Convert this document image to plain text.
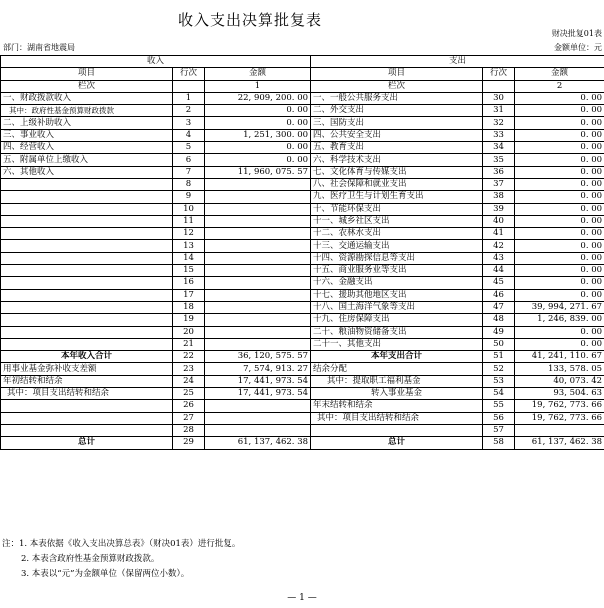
收入支出决算批复表
财决批复01表
部门：湖南省地震局	金额单位：元
收入			支出		
项目	行次	金额	项目	行次	金额
栏次		1	栏次		2
一、财政拨款收入	1	22, 909, 200. 00	一、一般公共服务支出	30	0. 00
其中：政府性基金预算财政拨款	2	0. 00	二、外交支出	31	0. 00
二、上级补助收入	3	0. 00	三、国防支出	32	0. 00
三、事业收入	4	1, 251, 300. 00	四、公共安全支出	33	0. 00
四、经营收入	5	0. 00	五、教育支出	34	0. 00
五、附属单位上缴收入	6	0. 00	六、科学技术支出	35	0. 00
六、其他收入	7	11, 960, 075. 57	七、文化体育与传媒支出	36	0. 00
	8		八、社会保障和就业支出	37	0. 00
	9		九、医疗卫生与计划生育支出	38	0. 00
	10		十、节能环保支出	39	0. 00
	11		十一、城乡社区支出	40	0. 00
	12		十二、农林水支出	41	0. 00
	13		十三、交通运输支出	42	0. 00
	14		十四、资源勘探信息等支出	43	0. 00
	15		十五、商业服务业等支出	44	0. 00
	16		十六、金融支出	45	0. 00
	17		十七、援助其他地区支出	46	0. 00
	18		十八、国土海洋气象等支出	47	39, 994, 271. 67
	19		十九、住房保障支出	48	1, 246, 839. 00
	20		二十、粮油物资储备支出	49	0. 00
	21		二十一、其他支出	50	0. 00
本年收入合计	22	36, 120, 575. 57	本年支出合计	51	41, 241, 110. 67
用事业基金弥补收支差额	23	7, 574, 913. 27	结余分配	52	133, 578. 05
年初结转和结余	24	17, 441, 973. 54	其中：提取职工福利基金	53	40, 073. 42
其中：项目支出结转和结余	25	17, 441, 973. 54	转入事业基金	54	93, 504. 63
	26		年末结转和结余	55	19, 762, 773. 66
	27		其中：项目支出结转和结余	56	19, 762, 773. 66
	28			57	
总计	29	61, 137, 462. 38	总计	58	61, 137, 462. 38
注：1. 本表依据《收入支出决算总表》（财决01表）进行批复。
2. 本表含政府性基金预算财政拨款。
3. 本表以“元”为金额单位（保留两位小数）。
— 1 —
